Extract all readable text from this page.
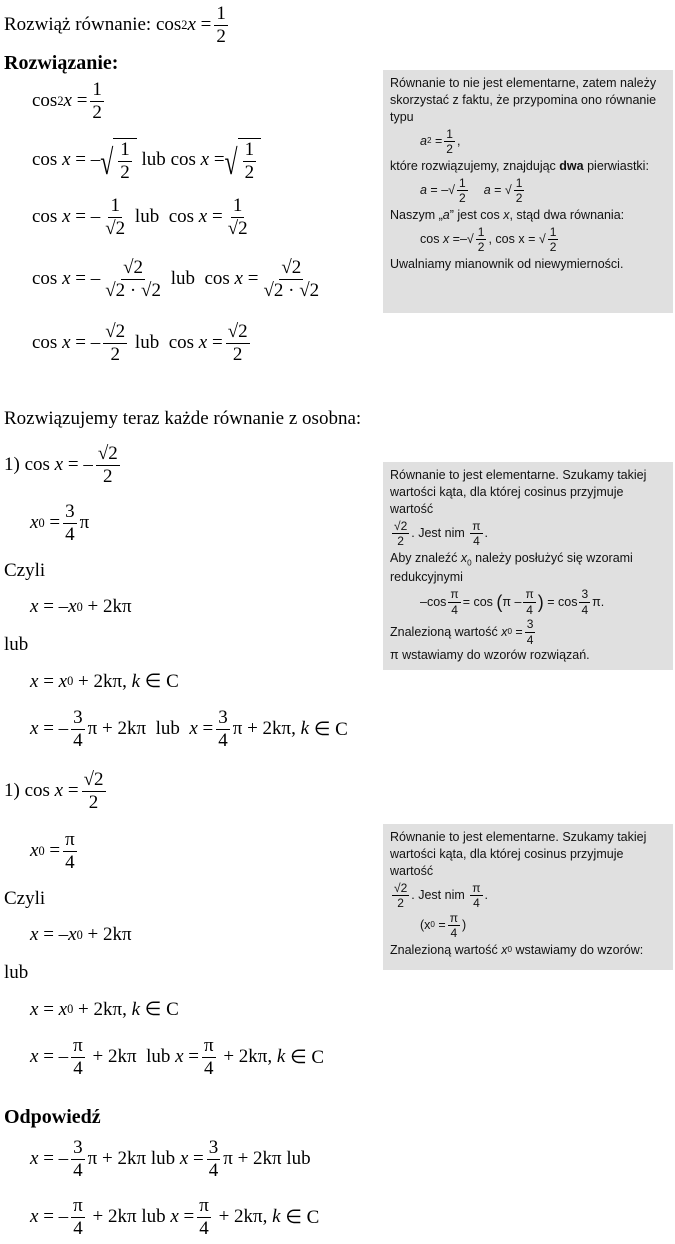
Rozwiąż równanie:
cos 2 x
= $\frac{1}{2}$
Rozwiązanie:
cos 2 x
= $\frac{1}{2}$
cos
x
=
– √ $\frac{1}{2}$
lub
cos
x
= √ $\frac{1}{2}$
cos
x
=
– $\frac{1}{√2}$
lub
cos
x
= $\frac{1}{√2}$
cos
x
=
– $\frac{√2}{√2 \cdot √2}$
lub
cos
x
= $\frac{√2}{√2 \cdot √2}$
cos
x
=
– $\frac{√2}{2}$
lub
cos
x
= $\frac{√2}{2}$
Równanie to nie jest elementarne, zatem należy skorzystać z faktu, że przypomina ono równanie typu
a $2 = \frac{1}{2}$ ,
które rozwiązujemy, znajdując
dwa
pierwiastki:
a = –√ $\frac{1}{2}$ a = √ $\frac{1}{2}$
Naszym „ a ” jest cos
x , stąd dwa równania:
cos
x =–√ $\frac{1}{2}$ , cos x = √ $\frac{1}{2}$
Uwalniamy mianownik od niewymierności.
Rozwiązujemy teraz każde równanie z osobna:
1)
cos
x
=
– $\frac{√2}{2}$
x 0
= $\frac{3}{4}$ π
Czyli
x
=
– x 0
+ 2kπ
lub
x
=
x 0
+ 2kπ ,
k
∈ C
x
=
– $\frac{3}{4}$ π
+ 2kπ
lub
x
= $\frac{3}{4}$ π
+ 2kπ ,
k
∈ C
Równanie to jest elementarne. Szukamy takiej wartości kąta, dla której cosinus przyjmuje wartość
$\frac{√2}{2}$ . Jest nim
$\frac{\pi}{4}$ .
Aby znaleźć $x_0$ należy posłużyć się wzorami redukcyjnymi
$-\cos \frac{\pi}{4} = \cos$
( π – $\frac{\pi}{4}$ )
= $\cos \frac{3}{4} \pi$.
Znalezioną wartość
x $0 = \frac{3}{4}$
π wstawiamy do wzorów rozwiązań.
1)
cos
x
= $\frac{√2}{2}$
x 0
= $\frac{\pi}{4}$
Czyli
x
=
– x 0
+ 2kπ
lub
x
=
x 0
+ 2kπ ,
k
∈ C
x
=
– $\frac{\pi}{4}$
+ 2kπ
lub
x
= $\frac{\pi}{4}$
+ 2kπ ,
k
∈ C
Równanie to jest elementarne. Szukamy takiej wartości kąta, dla której cosinus przyjmuje wartość
$\frac{√2}{2}$ . Jest nim
$\frac{\pi}{4}$ .
(x 0
= $\frac{\pi}{4}$ )
Znalezioną wartość
x 0
wstawiamy do wzorów:
Odpowiedź
x
=
– $\frac{3}{4}$ π
+ 2kπ
lub
x
= $\frac{3}{4}$ π
+ 2kπ
lub
x
=
– $\frac{\pi}{4}$
+ 2kπ
lub
x
= $\frac{\pi}{4}$
+ 2kπ ,
k
∈ C
